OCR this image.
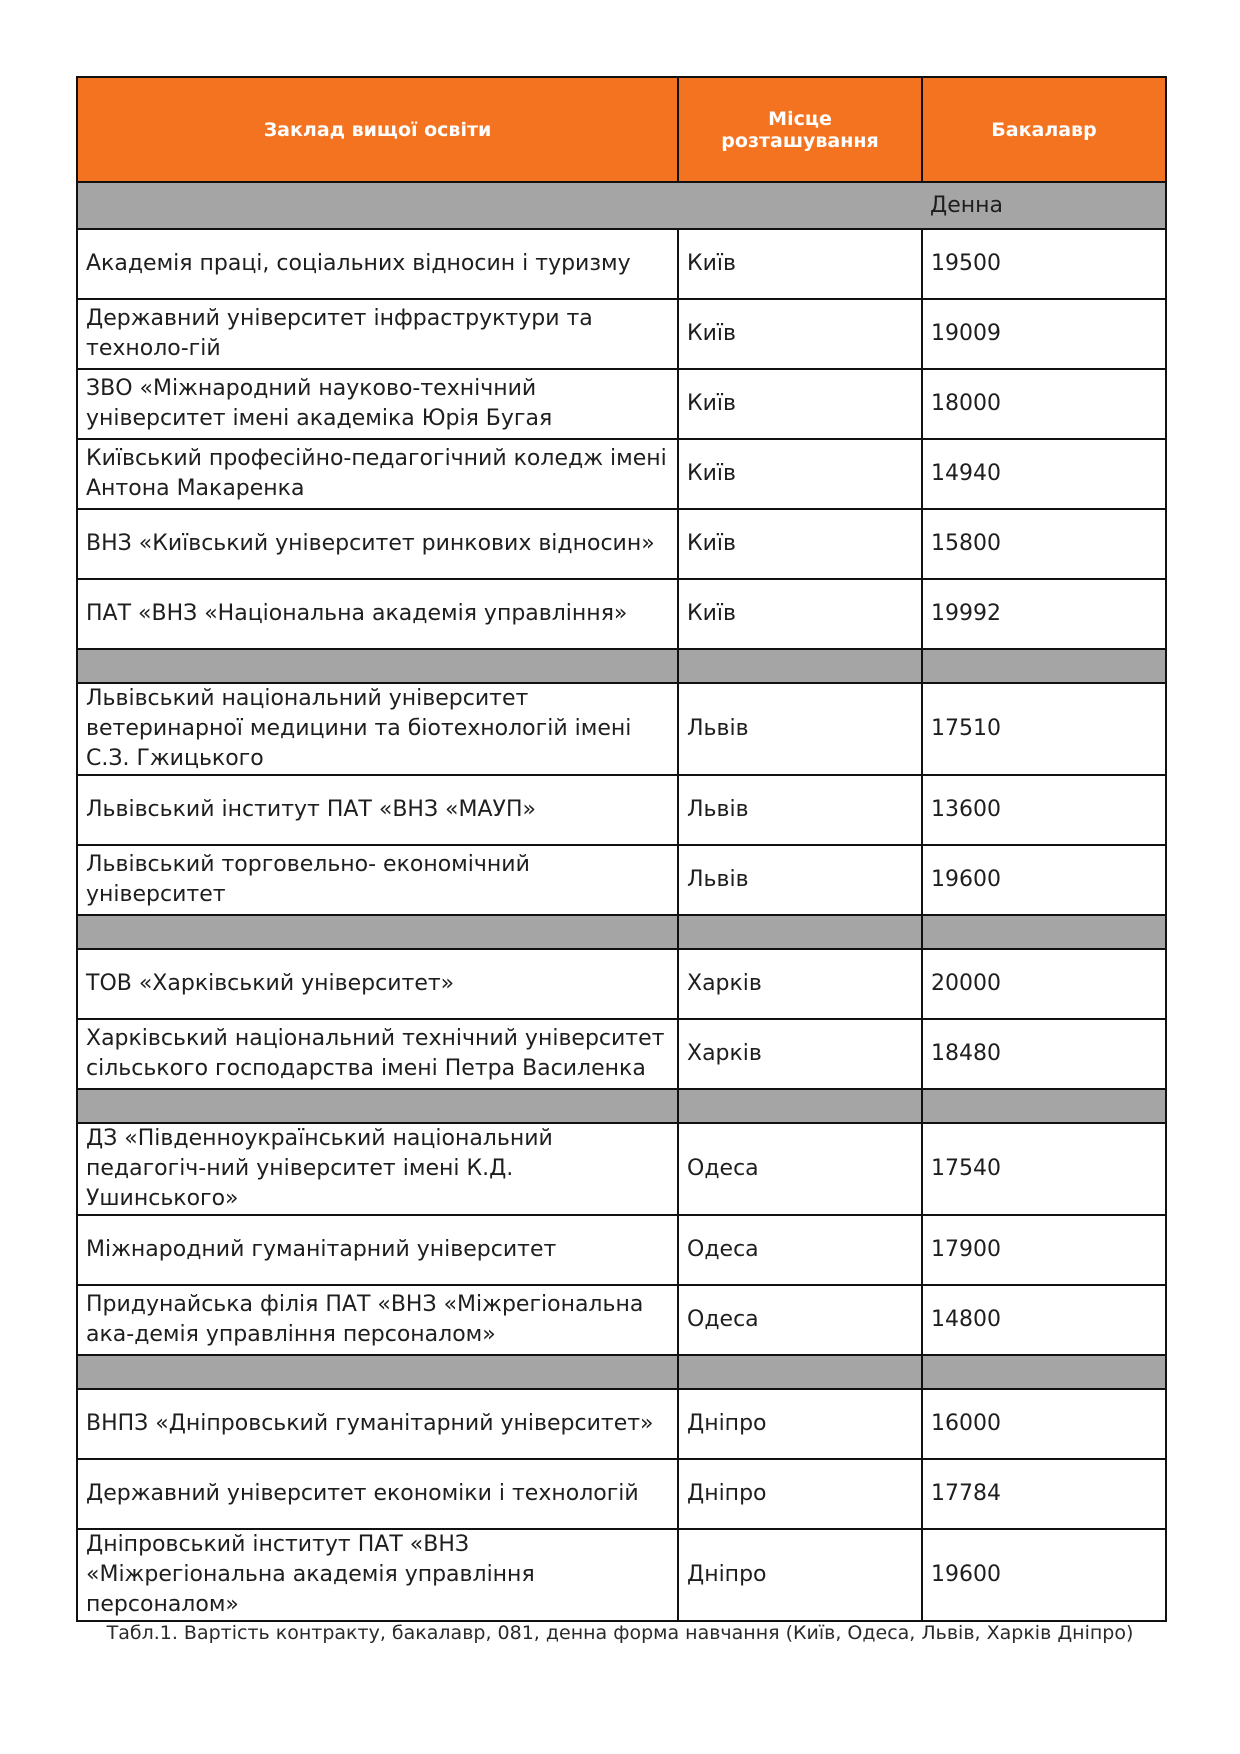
Заклад вищої освіти	Місце розташування	Бакалавр
		Денна
Академія праці, соціальних відносин і туризму	Київ	19500
Державний університет інфраструктури та техноло-гій	Київ	19009
ЗВО «Міжнародний науково-технічний університет імені академіка Юрія Бугая	Київ	18000
Київський професійно-педагогічний коледж імені Антона Макаренка	Київ	14940
ВНЗ «Київський університет ринкових відносин»	Київ	15800
ПАТ «ВНЗ «Національна академія управління»	Київ	19992

Львівський національний університет ветеринарної медицини та біотехнологій імені С.З. Гжицького	Львів	17510
Львівський інститут ПАТ «ВНЗ «МАУП»	Львів	13600
Львівський торговельно- економічний університет	Львів	19600

ТОВ «Харківський університет»	Харків	20000
Харківський національний технічний університет сільського господарства імені Петра Василенка	Харків	18480

ДЗ «Південноукраїнський національний педагогіч-ний університет імені К.Д. Ушинського»	Одеса	17540
Міжнародний гуманітарний університет	Одеса	17900
Придунайська філія ПАТ «ВНЗ «Міжрегіональна ака-демія управління персоналом»	Одеса	14800

ВНПЗ «Дніпровський гуманітарний університет»	Дніпро	16000
Державний університет економіки і технологій	Дніпро	17784
Дніпровський інститут ПАТ «ВНЗ «Міжрегіональна академія управління персоналом»	Дніпро	19600
Табл.1. Вартість контракту, бакалавр, 081, денна форма навчання (Київ, Одеса, Львів, Харків Дніпро)
